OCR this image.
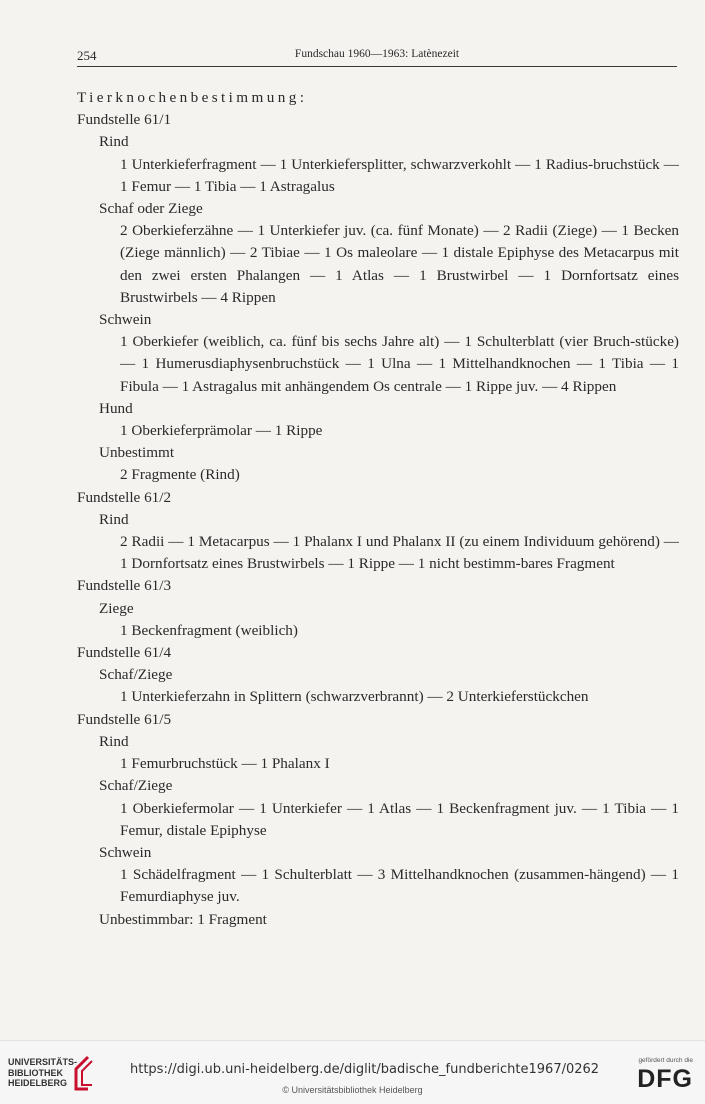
254	Fundschau 1960—1963: Latènezeit

Tierknochenbestimmung:

Fundstelle 61/1

Rind

1 Unterkieferfragment — 1 Unterkiefersplitter, schwarzverkohlt — 1 Radius-bruchstück — 1 Femur — 1 Tibia — 1 Astragalus

Schaf oder Ziege

2 Oberkieferzähne — 1 Unterkiefer juv. (ca. fünf Monate) — 2 Radii (Ziege) — 1 Becken (Ziege männlich) — 2 Tibiae — 1 Os maleolare — 1 distale Epiphyse des Metacarpus mit den zwei ersten Phalangen — 1 Atlas — 1 Brustwirbel — 1 Dornfortsatz eines Brustwirbels — 4 Rippen

Schwein

1 Oberkiefer (weiblich, ca. fünf bis sechs Jahre alt) — 1 Schulterblatt (vier Bruch-stücke) — 1 Humerusdiaphysenbruchstück — 1 Ulna — 1 Mittelhandknochen — 1 Tibia — 1 Fibula — 1 Astragalus mit anhängendem Os centrale — 1 Rippe juv. — 4 Rippen

Hund

1 Oberkieferprämolar — 1 Rippe

Unbestimmt

2 Fragmente (Rind)

Fundstelle 61/2

Rind

2 Radii — 1 Metacarpus — 1 Phalanx I und Phalanx II (zu einem Individuum gehörend) — 1 Dornfortsatz eines Brustwirbels — 1 Rippe — 1 nicht bestimm-bares Fragment

Fundstelle 61/3

Ziege

1 Beckenfragment (weiblich)

Fundstelle 61/4

Schaf/Ziege

1 Unterkieferzahn in Splittern (schwarzverbrannt) — 2 Unterkieferstückchen

Fundstelle 61/5

Rind

1 Femurbruchstück — 1 Phalanx I

Schaf/Ziege

1 Oberkiefermolar — 1 Unterkiefer — 1 Atlas — 1 Beckenfragment juv. — 1 Tibia — 1 Femur, distale Epiphyse

Schwein

1 Schädelfragment — 1 Schulterblatt — 3 Mittelhandknochen (zusammen-hängend) — 1 Femurdiaphyse juv.

Unbestimmbar: 1 Fragment

UNIVERSITÄTS-
BIBLIOTHEK
HEIDELBERG
https://digi.ub.uni-heidelberg.de/diglit/badische_fundberichte1967/0262
© Universitätsbibliothek Heidelberg
gefördert durch die
DFG
